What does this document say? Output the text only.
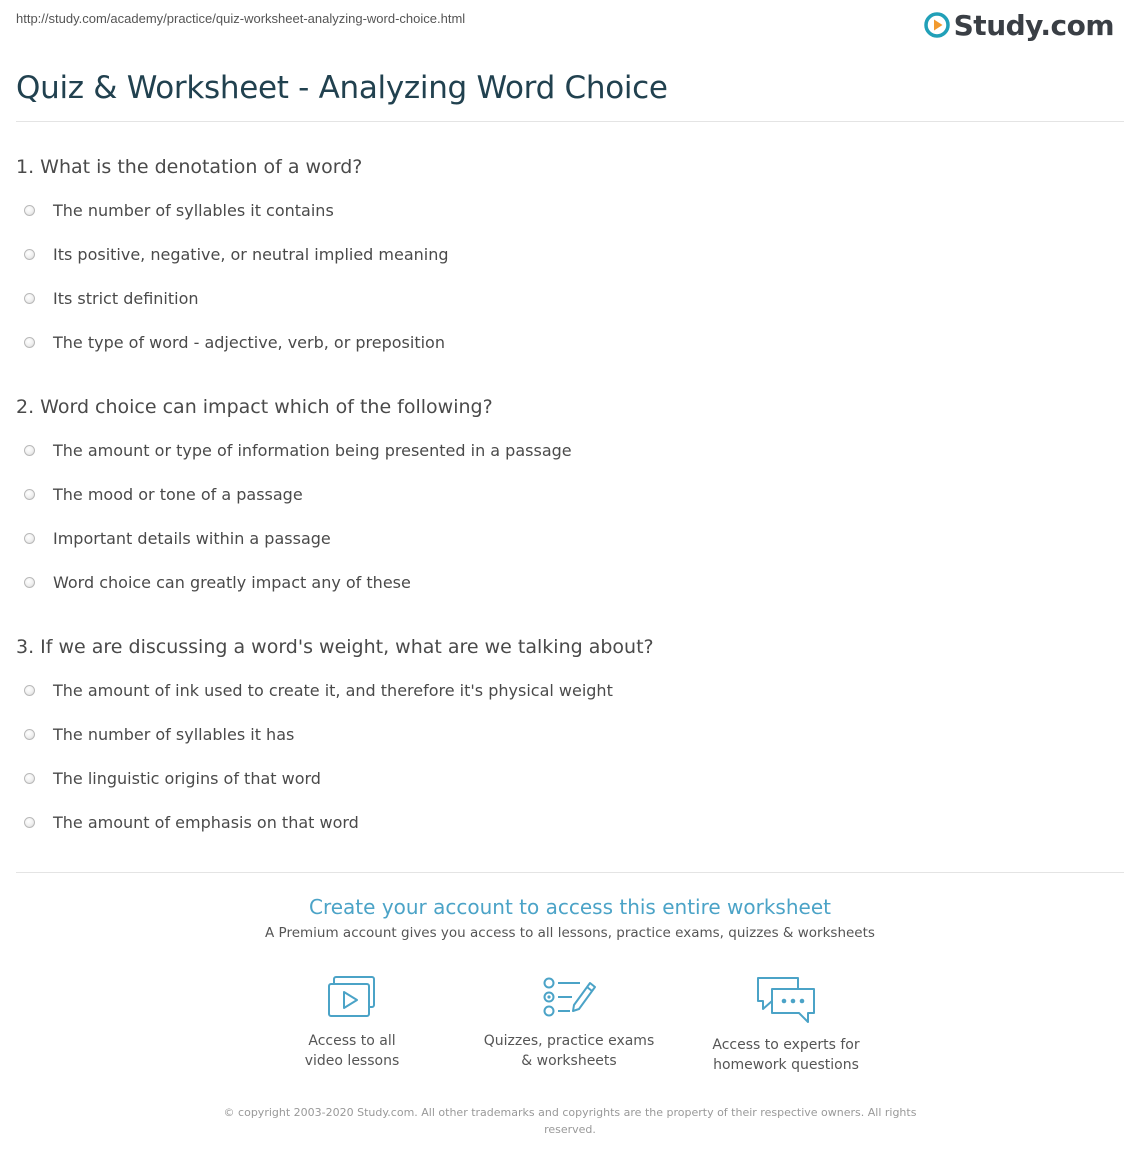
http://study.com/academy/practice/quiz-worksheet-analyzing-word-choice.html	Study.com
Quiz & Worksheet - Analyzing Word Choice
1. What is the denotation of a word?
The number of syllables it contains
Its positive, negative, or neutral implied meaning
Its strict definition
The type of word - adjective, verb, or preposition
2. Word choice can impact which of the following?
The amount or type of information being presented in a passage
The mood or tone of a passage
Important details within a passage
Word choice can greatly impact any of these
3. If we are discussing a word's weight, what are we talking about?
The amount of ink used to create it, and therefore it's physical weight
The number of syllables it has
The linguistic origins of that word
The amount of emphasis on that word
Create your account to access this entire worksheet
A Premium account gives you access to all lessons, practice exams, quizzes & worksheets
Access to all
video lessons
Quizzes, practice exams
& worksheets
Access to experts for
homework questions
© copyright 2003-2020 Study.com. All other trademarks and copyrights are the property of their respective owners. All rights
reserved.
